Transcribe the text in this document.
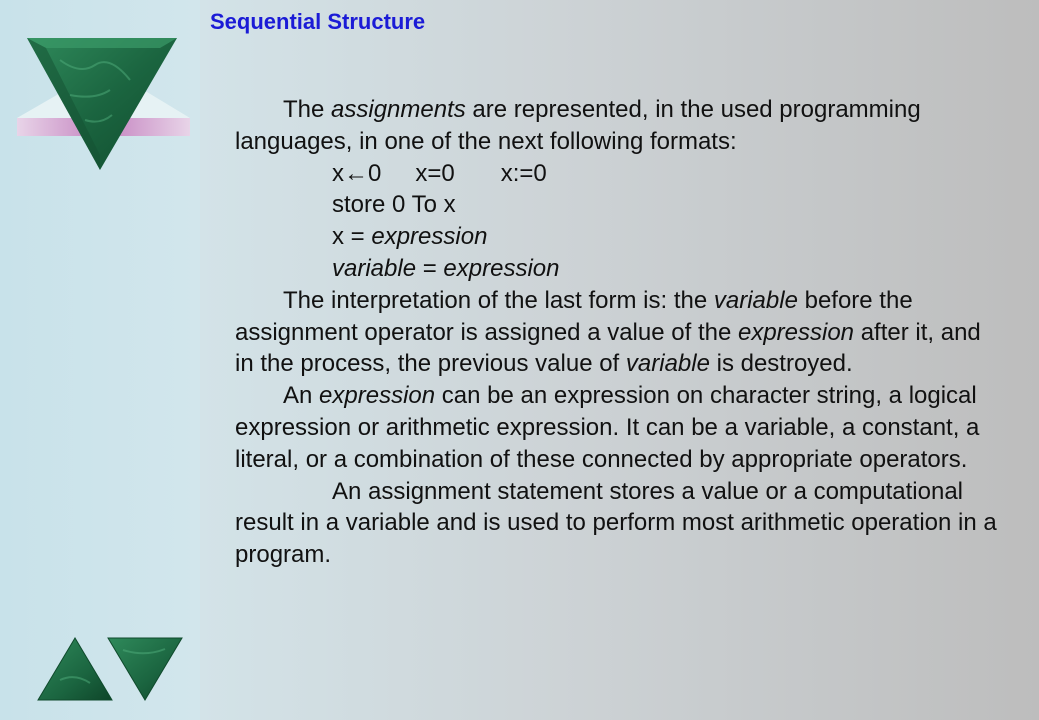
Sequential Structure

The assignments are represented, in the used programming languages, in one of the next following formats:

x←0 x=0 x:=0

store 0 To x

x = expression

variable = expression

The interpretation of the last form is: the variable before the assignment operator is assigned a value of the expression after it, and in the process, the previous value of variable is destroyed.

An expression can be an expression on character string, a logical expression or arithmetic expression. It can be a variable, a constant, a literal, or a combination of these connected by appropriate operators.

An assignment statement stores a value or a computational result in a variable and is used to perform most arithmetic operation in a program.
